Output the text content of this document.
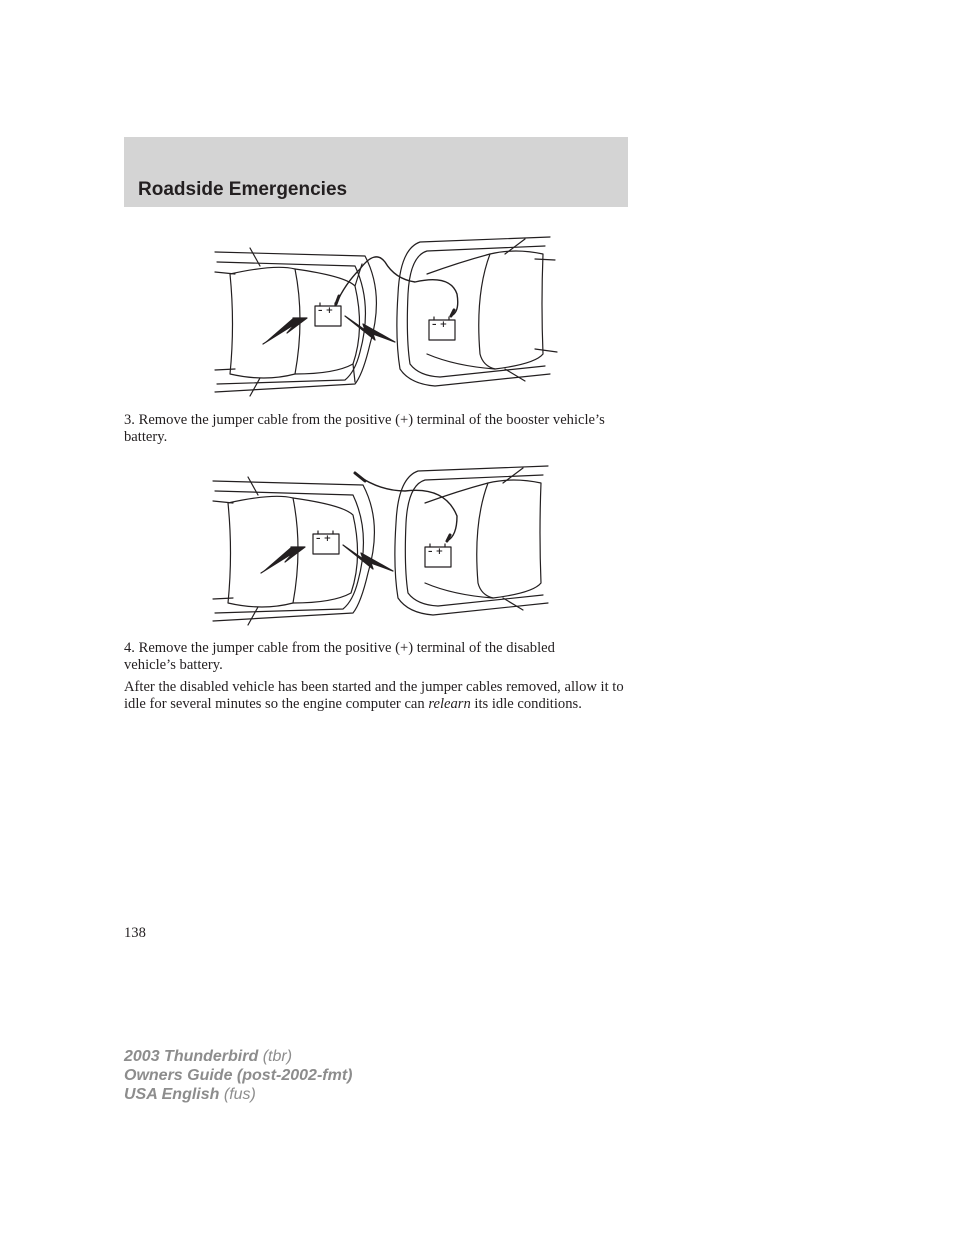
Roadside Emergencies
– +
– +

3. Remove the jumper cable from the positive (+) terminal of the booster vehicle’s battery.

– +
– +

4. Remove the jumper cable from the positive (+) terminal of the disabled vehicle’s battery.

After the disabled vehicle has been started and the jumper cables removed, allow it to idle for several minutes so the engine computer can relearn its idle conditions.

138

2003 Thunderbird (tbr)
Owners Guide (post-2002-fmt)
USA English (fus)
